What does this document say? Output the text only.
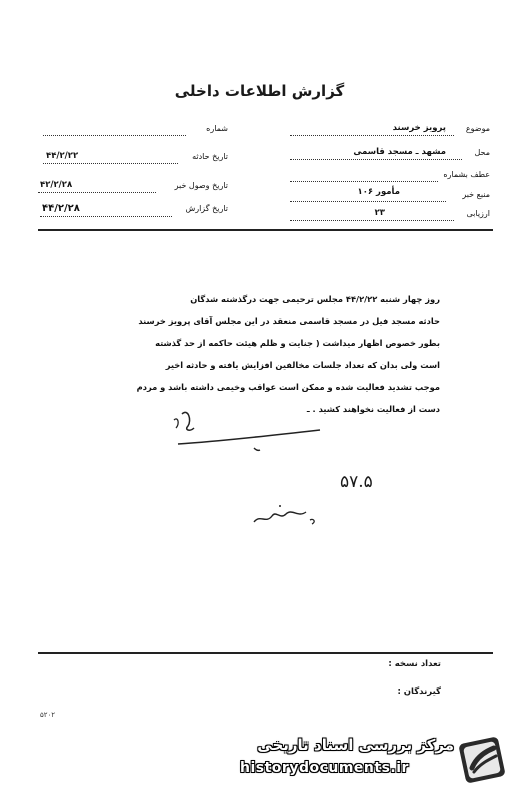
گزارش اطلاعات داخلی
شماره
تاریخ حادثه
۴۴/۲/۲۲
تاریخ وصول خبر
۴۲/۲/۲۸
تاریخ گزارش
۴۴/۲/۲۸
موضوع
پرویز خرسند
محل
مشهد ـ مسجد قاسمی
عطف بشماره
منبع خبر
مأمور ۱۰۶
ارزیابی
۲۳
روز چهار شنبه ۴۴/۲/۲۲ مجلس ترحیمی جهت درگذشته شدگان
حادثه مسجد فیل در مسجد قاسمی منعقد در این مجلس آقای پرویز خرسند
بطور خصوص اظهار میداشت ( جنایت و ظلم هیئت حاکمه از حد گذشته
است ولی بدان که تعداد جلسات مخالفین افزایش یافته و حادثه اخیر
موجب تشدید فعالیت شده و ممکن است عواقب وخیمی داشته باشد و مردم
دست از فعالیت نخواهند کشید . ـ
۵۷.۵
تعداد نسخه :
گیرندگان :
۵۲۰۲
مرکز بررسی اسناد تاریخی
historydocuments.ir
